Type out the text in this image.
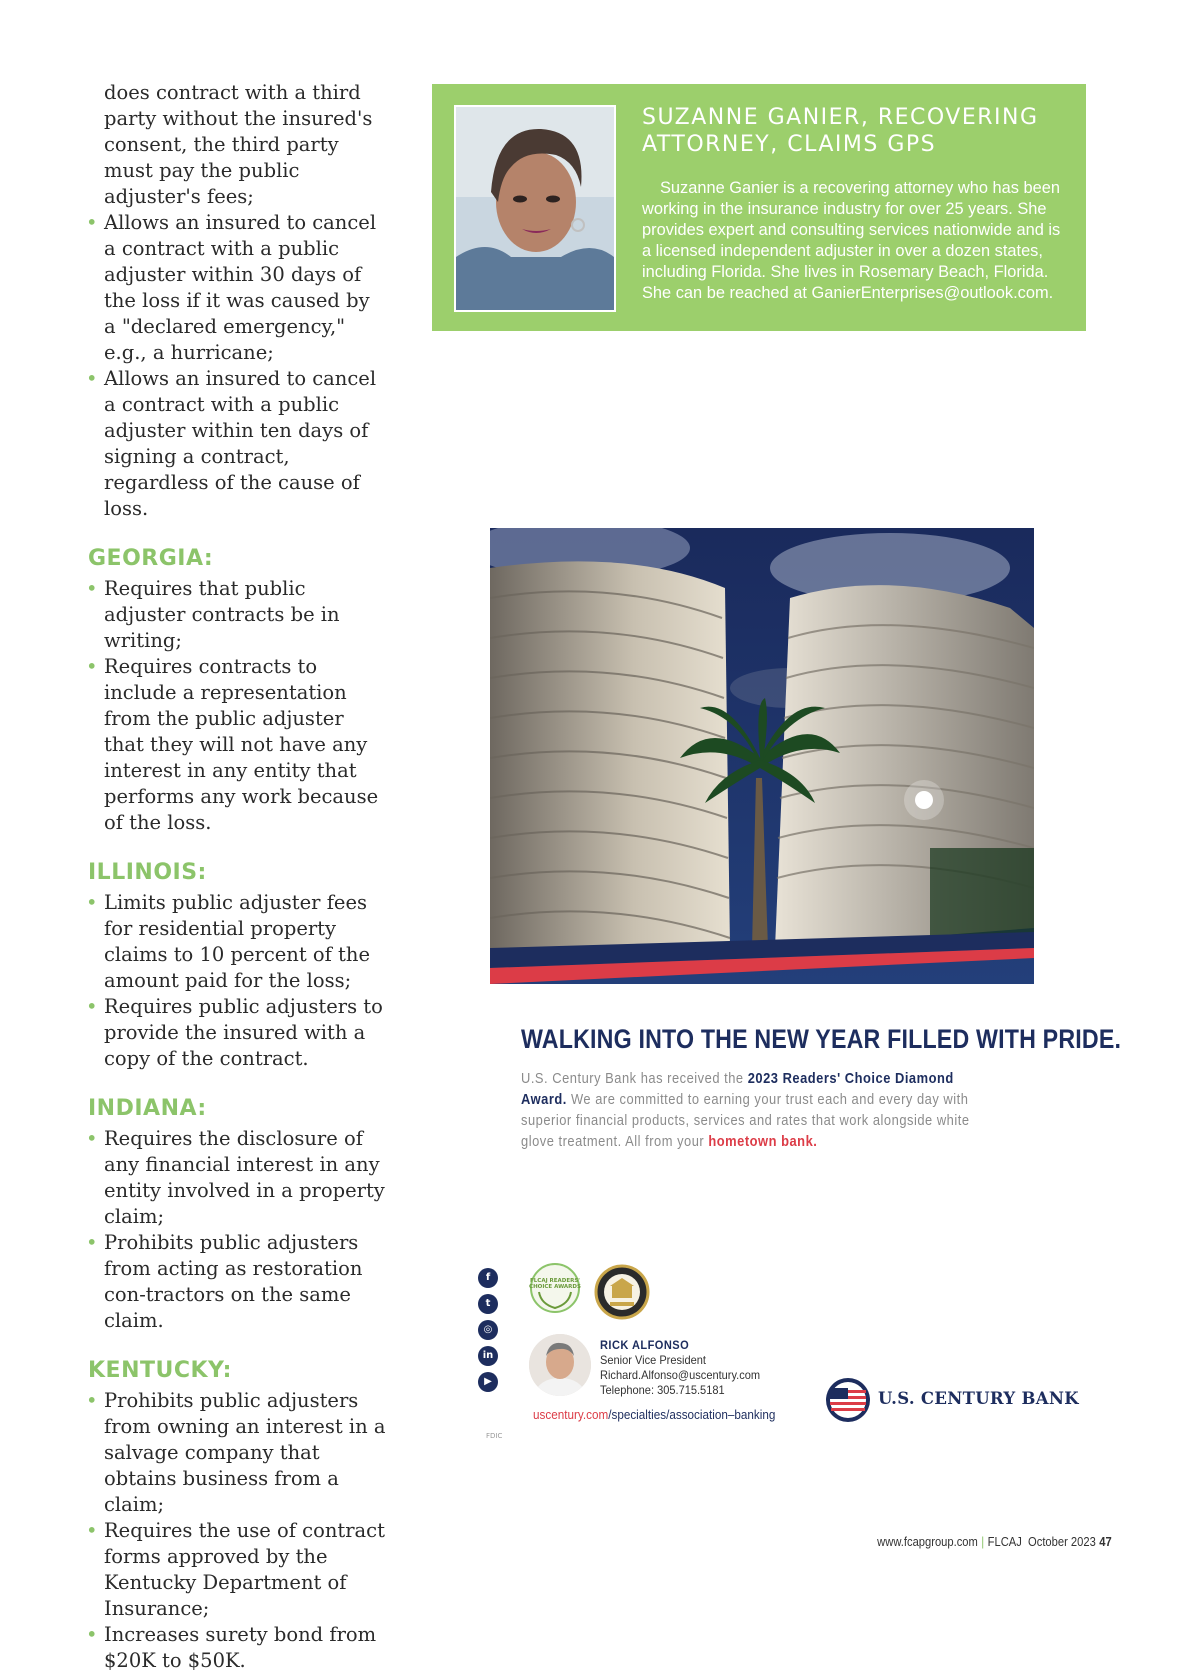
does contract with a third party without the insured's consent, the third party must pay the public adjuster's fees;

• Allows an insured to cancel a contract with a public adjuster within 30 days of the loss if it was caused by a "declared emergency," e.g., a hurricane;
• Allows an insured to cancel a contract with a public adjuster within ten days of signing a contract, regardless of the cause of loss.
GEORGIA:
• Requires that public adjuster contracts be in writing;
• Requires contracts to include a representation from the public adjuster that they will not have any interest in any entity that performs any work because of the loss.
ILLINOIS:
• Limits public adjuster fees for residential property claims to 10 percent of the amount paid for the loss;
• Requires public adjusters to provide the insured with a copy of the contract.
INDIANA:
• Requires the disclosure of any financial interest in any entity involved in a property claim;
• Prohibits public adjusters from acting as restoration con-tractors on the same claim.
KENTUCKY:
• Prohibits public adjusters from owning an interest in a salvage company that obtains business from a claim;
• Requires the use of contract forms approved by the Kentucky Department of Insurance;
• Increases surety bond from $20K to $50K.
SUZANNE GANIER, RECOVERING ATTORNEY, CLAIMS GPS

Suzanne Ganier is a recovering attorney who has been working in the insurance industry for over 25 years. She provides expert and consulting services nationwide and is a licensed independent adjuster in over a dozen states, including Florida. She lives in Rosemary Beach, Florida. She can be reached at GanierEnterprises@outlook.com.

WALKING INTO THE NEW YEAR FILLED WITH PRIDE.

U.S. Century Bank has received the 2023 Readers' Choice Diamond Award. We are committed to earning your trust each and every day with superior financial products, services and rates that work alongside white glove treatment. All from your hometown bank.

f
t
◎
in
▶
FLCAJ READERS' CHOICE AWARDS
RICK ALFONSO
Senior Vice President
Richard.Alfonso@uscentury.com
Telephone: 305.715.5181
uscentury.com/specialties/association–banking
FDIC
U.S. CENTURY BANK
www.fcapgroup.com | FLCAJ October 2023 47
